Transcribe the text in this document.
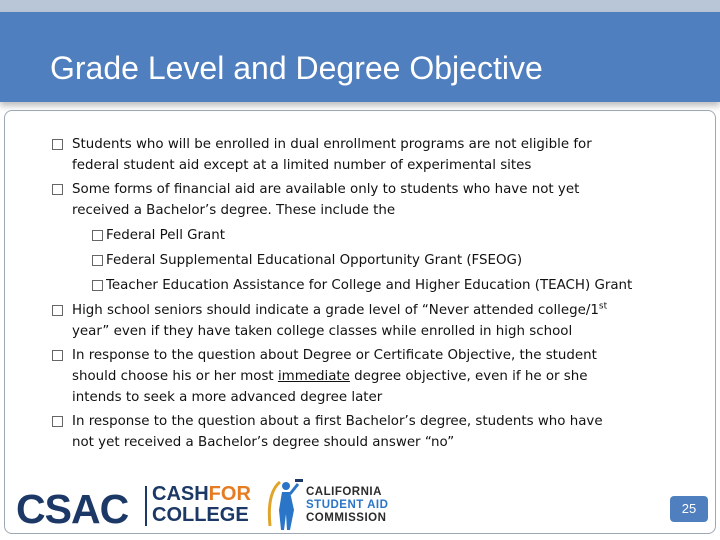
Grade Level and Degree Objective
Students who will be enrolled in dual enrollment programs are not eligible for
federal student aid except at a limited number of experimental sites
Some forms of financial aid are available only to students who have not yet
received a Bachelor’s degree. These include the
Federal Pell Grant
Federal Supplemental Educational Opportunity Grant (FSEOG)
Teacher Education Assistance for College and Higher Education (TEACH) Grant
High school seniors should indicate a grade level of “Never attended college/1st
year” even if they have taken college classes while enrolled in high school
In response to the question about Degree or Certificate Objective, the student
should choose his or her most immediate degree objective, even if he or she
intends to seek a more advanced degree later
In response to the question about a first Bachelor’s degree, students who have
not yet received a Bachelor’s degree should answer “no”
CSAC CASHFOR
COLLEGE
CALIFORNIA
STUDENT AID
COMMISSION
25
